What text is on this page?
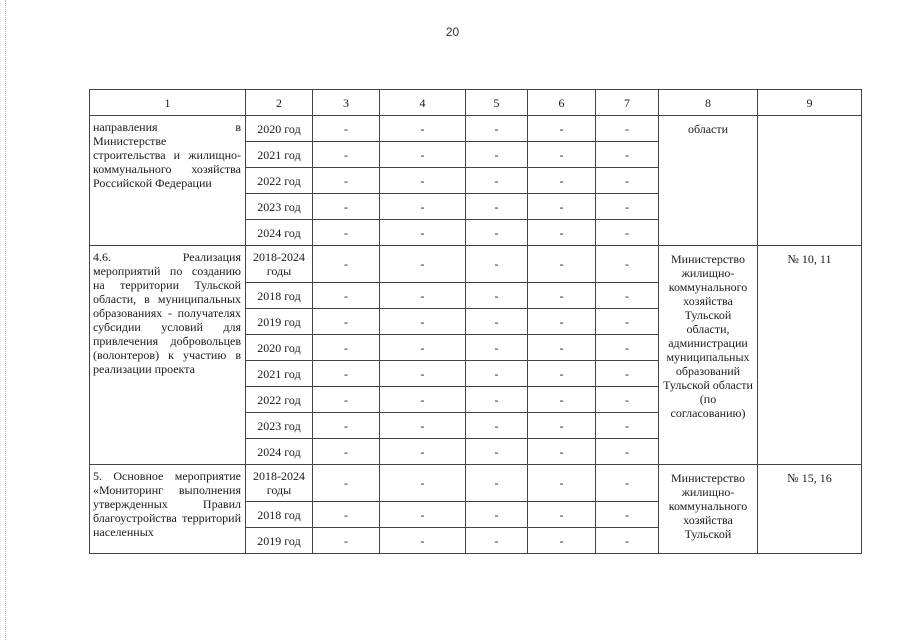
20
1	2	3	4	5	6	7	8	9
направления в Министерстве строительства и жилищно-коммунального хозяйства Российской Федерации	2020 год	-	-	-	-	-	области	
	2021 год	-	-	-	-	-		
	2022 год	-	-	-	-	-		
	2023 год	-	-	-	-	-		
	2024 год	-	-	-	-	-		
4.6. Реализация мероприятий по созданию на территории Тульской области, в муниципальных образованиях - получателях субсидии условий для привлечения добровольцев (волонтеров) к участию в реализации проекта	2018-2024 годы	-	-	-	-	-	Министерство жилищно-коммунального хозяйства Тульской области, администрации муниципальных образований Тульской области (по согласованию)	№ 10, 11
	2018 год	-	-	-	-	-		
	2019 год	-	-	-	-	-		
	2020 год	-	-	-	-	-		
	2021 год	-	-	-	-	-		
	2022 год	-	-	-	-	-		
	2023 год	-	-	-	-	-		
	2024 год	-	-	-	-	-		
5. Основное мероприятие «Мониторинг выполнения утвержденных Правил благоустройства территорий населенных	2018-2024 годы	-	-	-	-	-	Министерство жилищно-коммунального хозяйства Тульской	№ 15, 16
	2018 год	-	-	-	-	-		
	2019 год	-	-	-	-	-		
